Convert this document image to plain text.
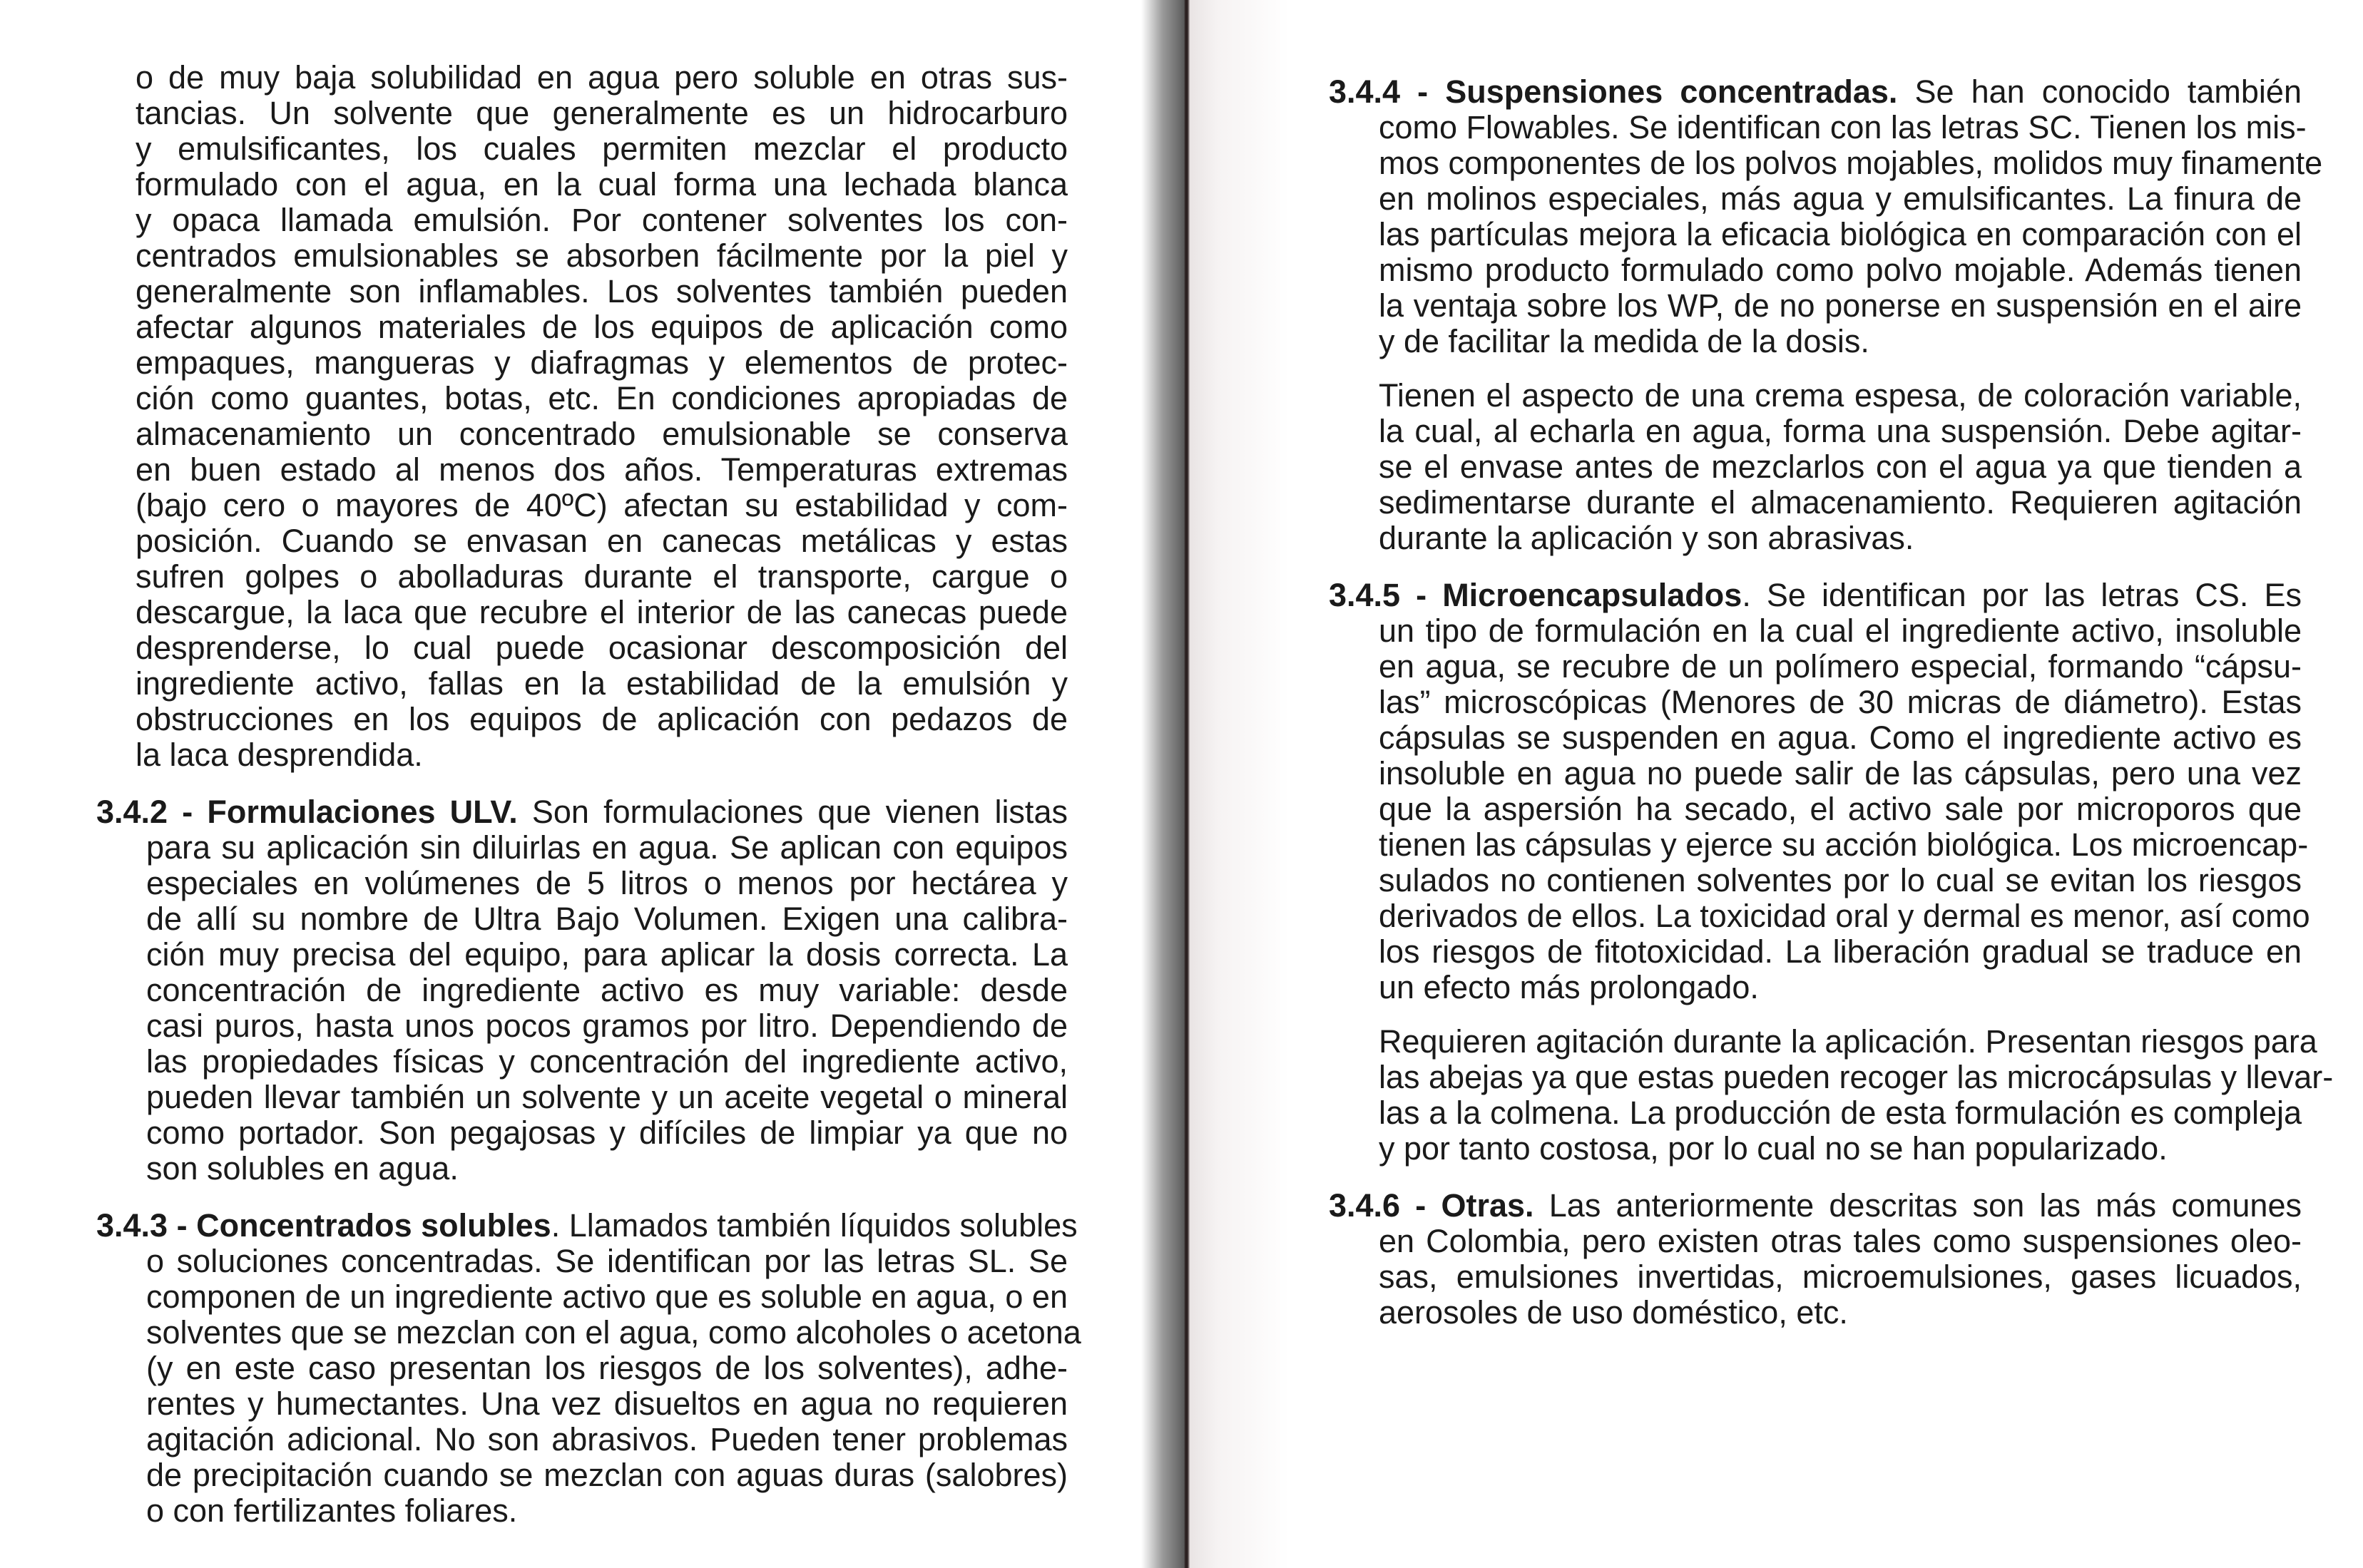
o de muy baja solubilidad en agua pero soluble en otras sus-
tancias. Un solvente que generalmente es un hidrocarburo
y emulsificantes, los cuales permiten mezclar el producto
formulado con el agua, en la cual forma una lechada blanca
y opaca llamada emulsión. Por contener solventes los con-
centrados emulsionables se absorben fácilmente por la piel y
generalmente son inflamables. Los solventes también pueden
afectar algunos materiales de los equipos de aplicación como
empaques, mangueras y diafragmas y elementos de protec-
ción como guantes, botas, etc. En condiciones apropiadas de
almacenamiento un concentrado emulsionable se conserva
en buen estado al menos dos años. Temperaturas extremas
(bajo cero o mayores de 40ºC) afectan su estabilidad y com-
posición. Cuando se envasan en canecas metálicas y estas
sufren golpes o abolladuras durante el transporte, cargue o
descargue, la laca que recubre el interior de las canecas puede
desprenderse, lo cual puede ocasionar descomposición del
ingrediente activo, fallas en la estabilidad de la emulsión y
obstrucciones en los equipos de aplicación con pedazos de
la laca desprendida.
3.4.2 - Formulaciones ULV. Son formulaciones que vienen listas
para su aplicación sin diluirlas en agua. Se aplican con equipos
especiales en volúmenes de 5 litros o menos por hectárea y
de allí su nombre de Ultra Bajo Volumen. Exigen una calibra-
ción muy precisa del equipo, para aplicar la dosis correcta. La
concentración de ingrediente activo es muy variable: desde
casi puros, hasta unos pocos gramos por litro. Dependiendo de
las propiedades físicas y concentración del ingrediente activo,
pueden llevar también un solvente y un aceite vegetal o mineral
como portador. Son pegajosas y difíciles de limpiar ya que no
son solubles en agua.
3.4.3 - Concentrados solubles. Llamados también líquidos solubles
o soluciones concentradas. Se identifican por las letras SL. Se
componen de un ingrediente activo que es soluble en agua, o en
solventes que se mezclan con el agua, como alcoholes o acetona
(y en este caso presentan los riesgos de los solventes), adhe-
rentes y humectantes. Una vez disueltos en agua no requieren
agitación adicional. No son abrasivos. Pueden tener problemas
de precipitación cuando se mezclan con aguas duras (salobres)
o con fertilizantes foliares.
3.4.4 - Suspensiones concentradas. Se han conocido también
como Flowables. Se identifican con las letras SC. Tienen los mis-
mos componentes de los polvos mojables, molidos muy finamente
en molinos especiales, más agua y emulsificantes. La finura de
las partículas mejora la eficacia biológica en comparación con el
mismo producto formulado como polvo mojable. Además tienen
la ventaja sobre los WP, de no ponerse en suspensión en el aire
y de facilitar la medida de la dosis.
Tienen el aspecto de una crema espesa, de coloración variable,
la cual, al echarla en agua, forma una suspensión. Debe agitar-
se el envase antes de mezclarlos con el agua ya que tienden a
sedimentarse durante el almacenamiento. Requieren agitación
durante la aplicación y son abrasivas.
3.4.5 - Microencapsulados. Se identifican por las letras CS. Es
un tipo de formulación en la cual el ingrediente activo, insoluble
en agua, se recubre de un polímero especial, formando “cápsu-
las” microscópicas (Menores de 30 micras de diámetro). Estas
cápsulas se suspenden en agua. Como el ingrediente activo es
insoluble en agua no puede salir de las cápsulas, pero una vez
que la aspersión ha secado, el activo sale por microporos que
tienen las cápsulas y ejerce su acción biológica. Los microencap-
sulados no contienen solventes por lo cual se evitan los riesgos
derivados de ellos. La toxicidad oral y dermal es menor, así como
los riesgos de fitotoxicidad. La liberación gradual se traduce en
un efecto más prolongado.
Requieren agitación durante la aplicación. Presentan riesgos para
las abejas ya que estas pueden recoger las microcápsulas y llevar-
las a la colmena. La producción de esta formulación es compleja
y por tanto costosa, por lo cual no se han popularizado.
3.4.6 - Otras. Las anteriormente descritas son las más comunes
en Colombia, pero existen otras tales como suspensiones oleo-
sas, emulsiones invertidas, microemulsiones, gases licuados,
aerosoles de uso doméstico, etc.
